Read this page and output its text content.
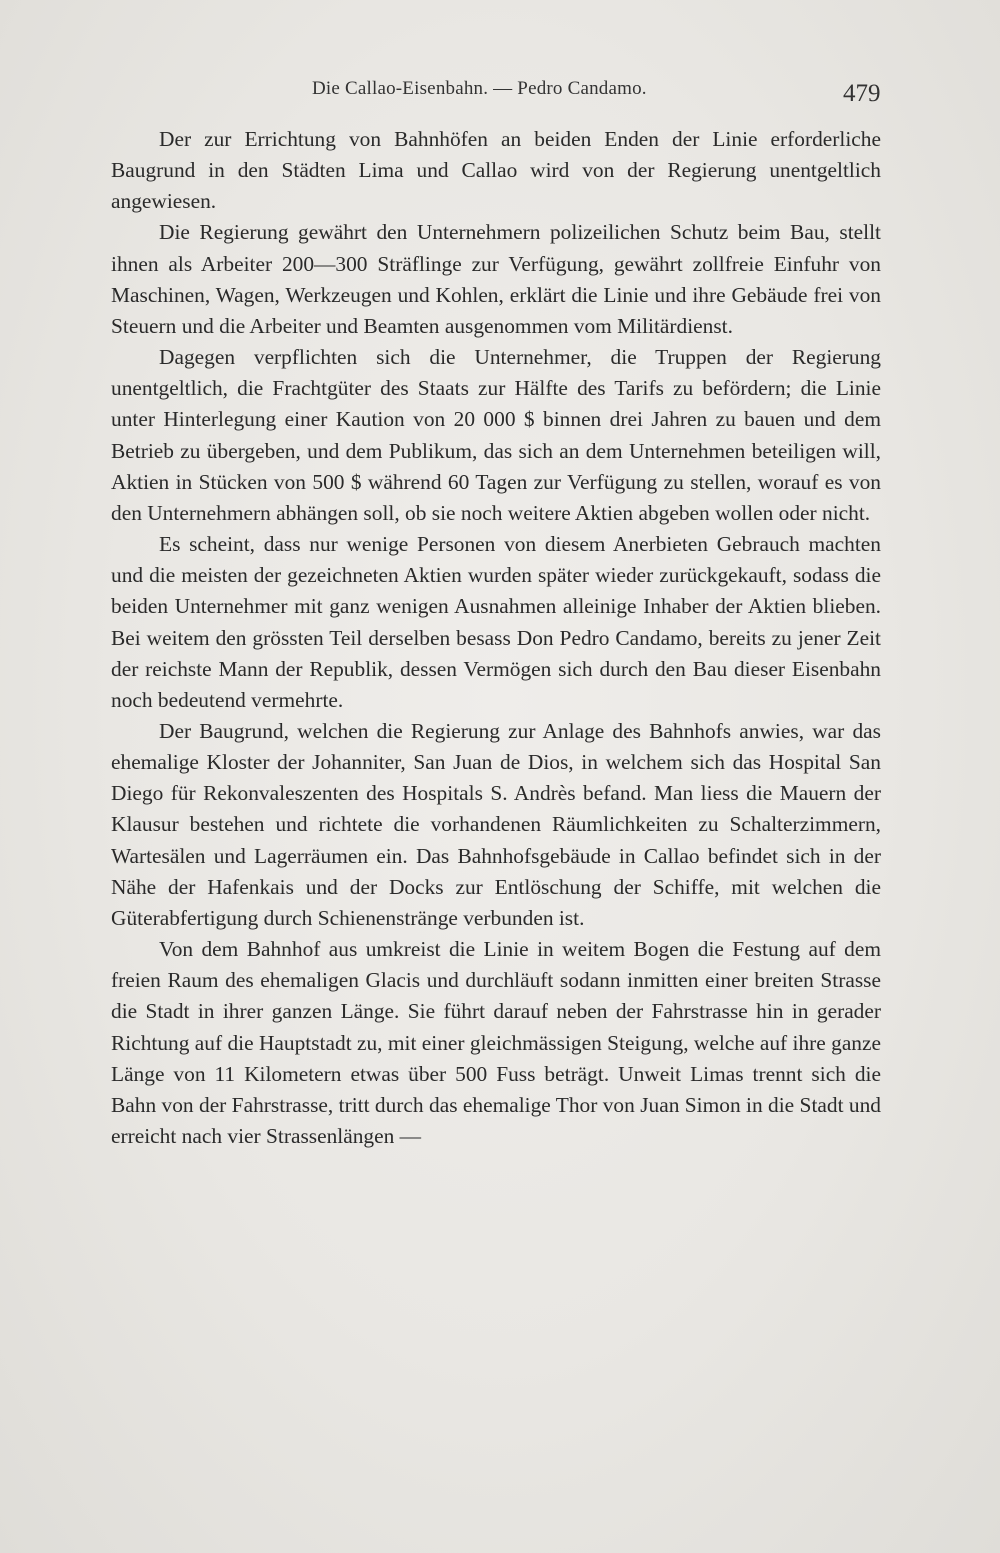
Die Callao-Eisenbahn. — Pedro Candamo.	479

Der zur Errichtung von Bahnhöfen an beiden Enden der Linie erforderliche Baugrund in den Städten Lima und Callao wird von der Regierung unentgeltlich angewiesen.

Die Regierung gewährt den Unternehmern polizeilichen Schutz beim Bau, stellt ihnen als Arbeiter 200—300 Sträflinge zur Verfügung, gewährt zollfreie Einfuhr von Maschinen, Wagen, Werkzeugen und Kohlen, erklärt die Linie und ihre Gebäude frei von Steuern und die Arbeiter und Beamten ausgenommen vom Militärdienst.

Dagegen verpflichten sich die Unternehmer, die Truppen der Regierung unentgeltlich, die Frachtgüter des Staats zur Hälfte des Tarifs zu befördern; die Linie unter Hinterlegung einer Kaution von 20 000 $ binnen drei Jahren zu bauen und dem Betrieb zu übergeben, und dem Publikum, das sich an dem Unternehmen beteiligen will, Aktien in Stücken von 500 $ während 60 Tagen zur Verfügung zu stellen, worauf es von den Unternehmern abhängen soll, ob sie noch weitere Aktien abgeben wollen oder nicht.

Es scheint, dass nur wenige Personen von diesem Anerbieten Gebrauch machten und die meisten der gezeichneten Aktien wurden später wieder zurückgekauft, sodass die beiden Unternehmer mit ganz wenigen Ausnahmen alleinige Inhaber der Aktien blieben. Bei weitem den grössten Teil derselben besass Don Pedro Candamo, bereits zu jener Zeit der reichste Mann der Republik, dessen Vermögen sich durch den Bau dieser Eisenbahn noch bedeutend vermehrte.

Der Baugrund, welchen die Regierung zur Anlage des Bahnhofs anwies, war das ehemalige Kloster der Johanniter, San Juan de Dios, in welchem sich das Hospital San Diego für Rekonvaleszenten des Hospitals S. Andrès befand. Man liess die Mauern der Klausur bestehen und richtete die vorhandenen Räumlichkeiten zu Schalterzimmern, Wartesälen und Lagerräumen ein. Das Bahnhofsgebäude in Callao befindet sich in der Nähe der Hafenkais und der Docks zur Entlöschung der Schiffe, mit welchen die Güterabfertigung durch Schienenstränge verbunden ist.

Von dem Bahnhof aus umkreist die Linie in weitem Bogen die Festung auf dem freien Raum des ehemaligen Glacis und durchläuft sodann inmitten einer breiten Strasse die Stadt in ihrer ganzen Länge. Sie führt darauf neben der Fahrstrasse hin in gerader Richtung auf die Hauptstadt zu, mit einer gleichmässigen Steigung, welche auf ihre ganze Länge von 11 Kilometern etwas über 500 Fuss beträgt. Unweit Limas trennt sich die Bahn von der Fahrstrasse, tritt durch das ehemalige Thor von Juan Simon in die Stadt und erreicht nach vier Strassenlängen —
